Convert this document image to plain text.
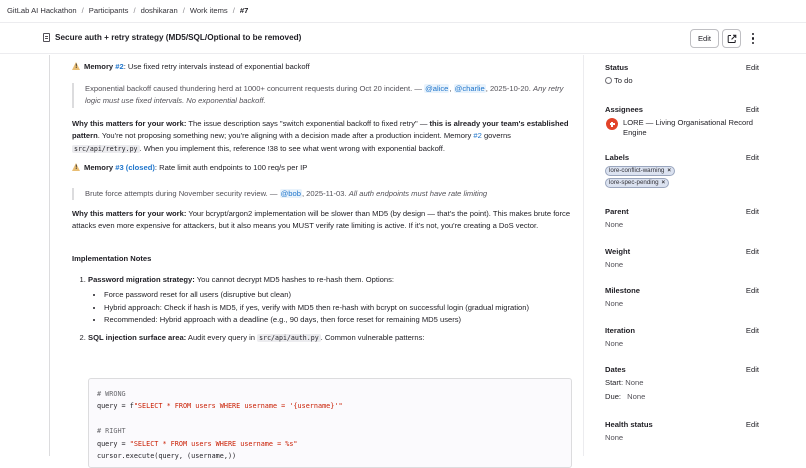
GitLab AI Hackathon / Participants / doshikaran / Work items / #7
Secure auth + retry strategy (MD5/SQL/Optional to be removed)	Edit
!Memory #2: Use fixed retry intervals instead of exponential backoff
Exponential backoff caused thundering herd at 1000+ concurrent requests during Oct 20 incident. — @alice, @charlie, 2025-10-20. Any retry logic must use fixed intervals. No exponential backoff.
Why this matters for your work: The issue description says "switch exponential backoff to fixed retry" — this is already your team's established pattern. You're not proposing something new; you're aligning with a decision made after a production incident. Memory #2 governs src/api/retry.py . When you implement this, reference !38 to see what went wrong with exponential backoff.
!Memory #3 (closed): Rate limit auth endpoints to 100 req/s per IP
Brute force attempts during November security review. — @bob, 2025-11-03. All auth endpoints must have rate limiting
Why this matters for your work: Your bcrypt/argon2 implementation will be slower than MD5 (by design — that's the point). This makes brute force attacks even more expensive for attackers, but it also means you MUST verify rate limiting is active. If it's not, you're creating a DoS vector.
Implementation Notes
1. Password migration strategy: You cannot decrypt MD5 hashes to re-hash them. Options:
• Force password reset for all users (disruptive but clean)
• Hybrid approach: Check if hash is MD5, if yes, verify with MD5 then re-hash with bcrypt on successful login (gradual migration)
• Recommended: Hybrid approach with a deadline (e.g., 90 days, then force reset for remaining MD5 users)
2. SQL injection surface area: Audit every query in src/api/auth.py . Common vulnerable patterns:
# WRONG
query = f"SELECT * FROM users WHERE username = '{username}'"

# RIGHT
query = "SELECT * FROM users WHERE username = %s"
cursor.execute(query, (username,))
Status	Edit
To do
Assignees	Edit
LORE — Living Organisational Record Engine
Labels	Edit
lore-conflict-warning ×
lore-spec-pending ×
Parent	Edit
None
Weight	Edit
None
Milestone	Edit
None
Iteration	Edit
None
Dates	Edit
Start: None
Due: None
Health status	Edit
None
